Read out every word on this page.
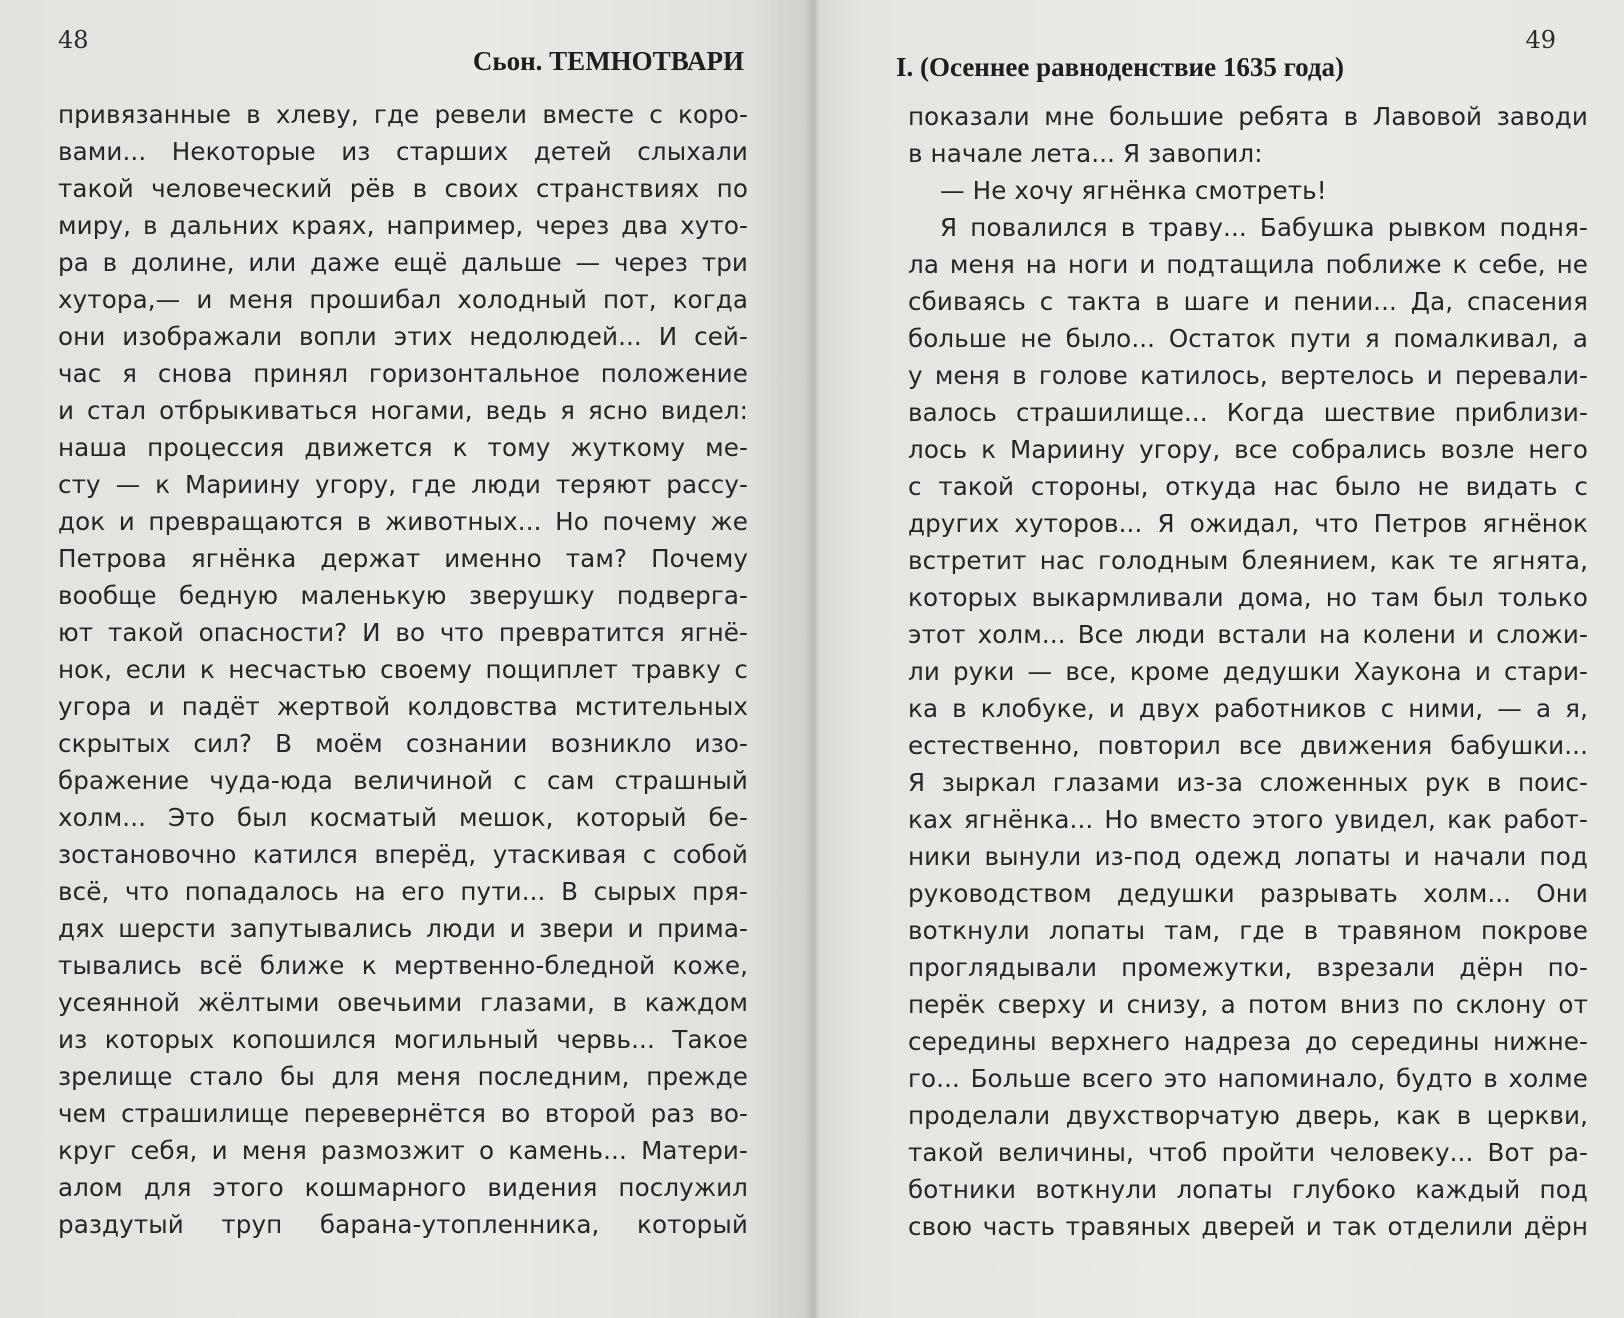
48
Сьон. ТЕМНОТВАРИ
привязанные в хлеву, где ревели вместе с коро-
вами... Некоторые из старших детей слыхали
такой человеческий рёв в своих странствиях по
миру, в дальних краях, например, через два хуто-
ра в долине, или даже ещё дальше — через три
хутора,— и меня прошибал холодный пот, когда
они изображали вопли этих недолюдей... И сей-
час я снова принял горизонтальное положение
и стал отбрыкиваться ногами, ведь я ясно видел:
наша процессия движется к тому жуткому ме-
сту — к Мариину угору, где люди теряют рассу-
док и превращаются в животных... Но почему же
Петрова ягнёнка держат именно там? Почему
вообще бедную маленькую зверушку подверга-
ют такой опасности? И во что превратится ягнё-
нок, если к несчастью своему пощиплет травку с
угора и падёт жертвой колдовства мстительных
скрытых сил? В моём сознании возникло изо-
бражение чуда-юда величиной с сам страшный
холм... Это был косматый мешок, который бе-
зостановочно катился вперёд, утаскивая с собой
всё, что попадалось на его пути... В сырых пря-
дях шерсти запутывались люди и звери и прима-
тывались всё ближе к мертвенно-бледной коже,
усеянной жёлтыми овечьими глазами, в каждом
из которых копошился могильный червь... Такое
зрелище стало бы для меня последним, прежде
чем страшилище перевернётся во второй раз во-
круг себя, и меня размозжит о камень... Матери-
алом для этого кошмарного видения послужил
раздутый труп барана-утопленника, который
49
I. (Осеннее равноденствие 1635 года)
показали мне большие ребята в Лавовой заводи
в начале лета... Я завопил:
— Не хочу ягнёнка смотреть!
Я повалился в траву... Бабушка рывком подня-
ла меня на ноги и подтащила поближе к себе, не
сбиваясь с такта в шаге и пении... Да, спасения
больше не было... Остаток пути я помалкивал, а
у меня в голове катилось, вертелось и перевали-
валось страшилище... Когда шествие приблизи-
лось к Мариину угору, все собрались возле него
с такой стороны, откуда нас было не видать с
других хуторов... Я ожидал, что Петров ягнёнок
встретит нас голодным блеянием, как те ягнята,
которых выкармливали дома, но там был только
этот холм... Все люди встали на колени и сложи-
ли руки — все, кроме дедушки Хаукона и стари-
ка в клобуке, и двух работников с ними, — а я,
естественно, повторил все движения бабушки...
Я зыркал глазами из-за сложенных рук в поис-
ках ягнёнка... Но вместо этого увидел, как работ-
ники вынули из-под одежд лопаты и начали под
руководством дедушки разрывать холм... Они
воткнули лопаты там, где в травяном покрове
проглядывали промежутки, взрезали дёрн по-
перёк сверху и снизу, а потом вниз по склону от
середины верхнего надреза до середины нижне-
го... Больше всего это напоминало, будто в холме
проделали двухстворчатую дверь, как в церкви,
такой величины, чтоб пройти человеку... Вот ра-
ботники воткнули лопаты глубоко каждый под
свою часть травяных дверей и так отделили дёрн
